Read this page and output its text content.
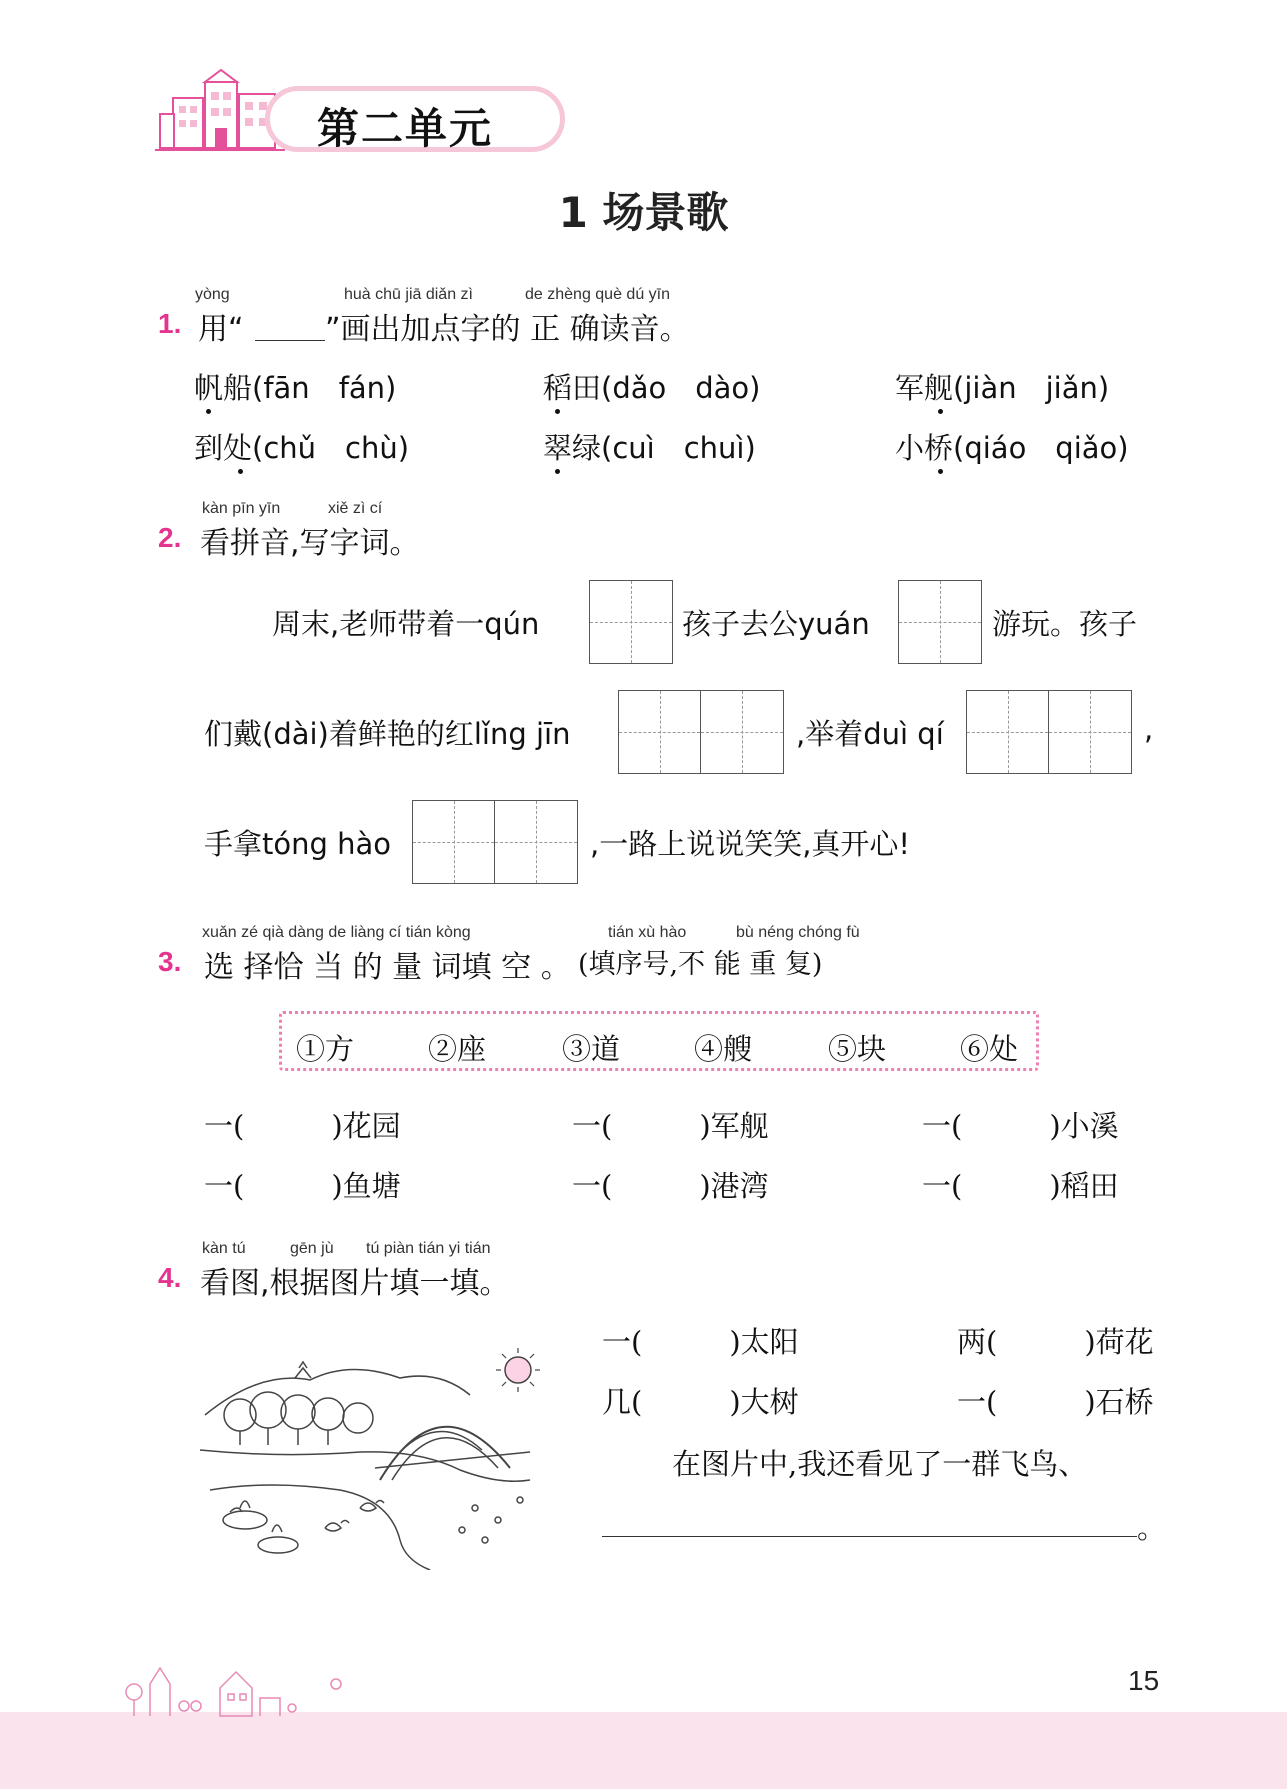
第二单元
1 场景歌
yòng	huà chū jiā diǎn zì	de zhèng què dú yīn
1. 用“	”画出加点字的 正 确读音。
帆船(fān　fán)	稻田(dǎo　dào)	军舰(jiàn　jiǎn)
到处(chǔ　chù)	翠绿(cuì　chuì)	小桥(qiáo　qiǎo)
kàn pīn yīn	xiě zì cí
2. 看拼音,写字词。
周末,老师带着一qún	孩子去公yuán	游玩。孩子
们戴(dài)着鲜艳的红lǐng jīn	,举着duì qí	,
手拿tóng hào	,一路上说说笑笑,真开心!
xuǎn zé qià dàng de liàng cí tián kòng	tián xù hào	bù néng chóng fù
3. 选 择恰 当 的 量 词填 空 。 (填序号,不 能 重 复)
①方	②座	③道	④艘	⑤块	⑥处
一(　　　)花园	一(　　　)军舰	一(　　　)小溪
一(　　　)鱼塘	一(　　　)港湾	一(　　　)稻田
kàn tú	gēn jù tú piàn tián yi tián
4. 看图,根据图片填一填。
一(　　　)太阳	两(　　　)荷花
几(　　　)大树	一(　　　)石桥
在图片中,我还看见了一群飞鸟、
。
15
